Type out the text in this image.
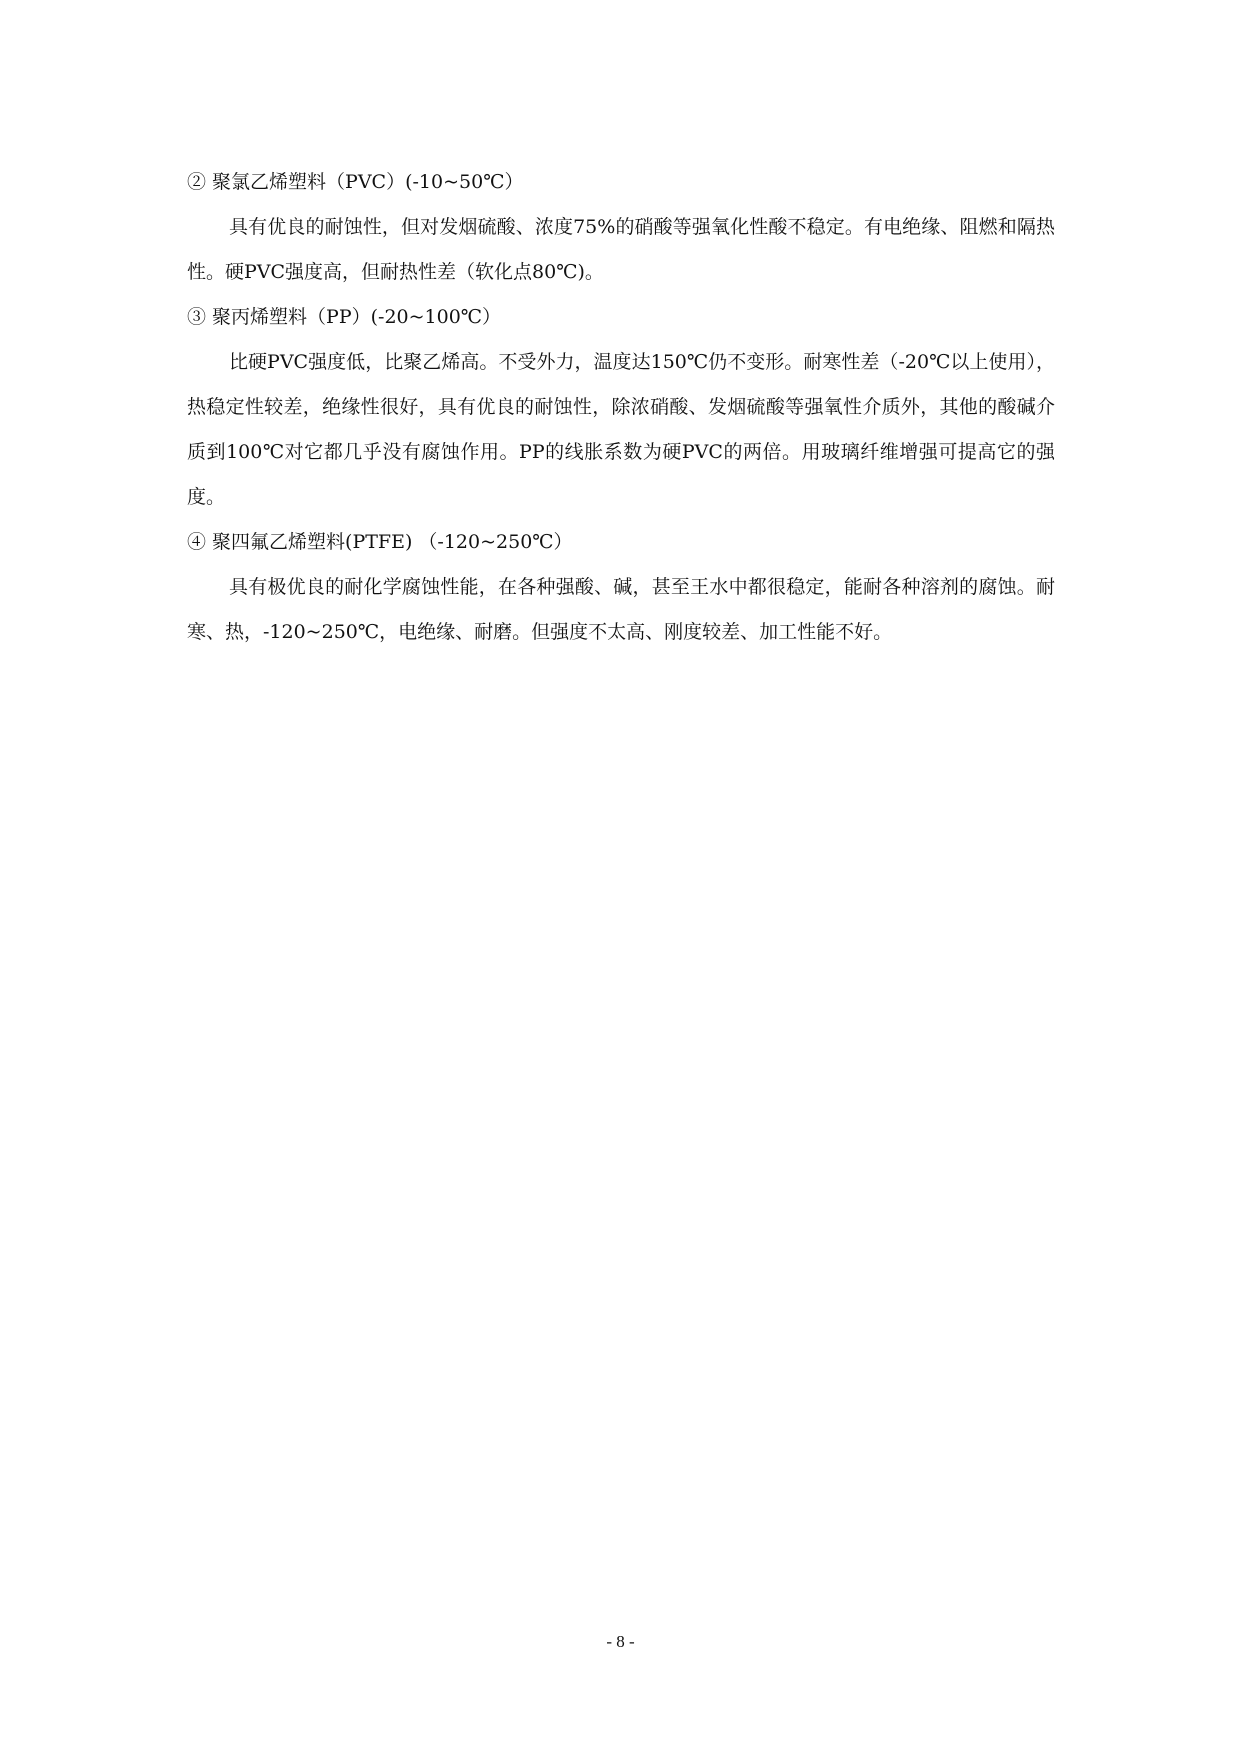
② 聚氯乙烯塑料（PVC）(-10~50℃）

具有优良的耐蚀性，但对发烟硫酸、浓度75%的硝酸等强氧化性酸不稳定。有电绝缘、阻燃和隔热性。硬PVC强度高，但耐热性差（软化点80℃)。

③ 聚丙烯塑料（PP）(-20~100℃）

比硬PVC强度低，比聚乙烯高。不受外力，温度达150℃仍不变形。耐寒性差（-20℃以上使用），热稳定性较差，绝缘性很好，具有优良的耐蚀性，除浓硝酸、发烟硫酸等强氧性介质外，其他的酸碱介质到100℃对它都几乎没有腐蚀作用。PP的线胀系数为硬PVC的两倍。用玻璃纤维增强可提高它的强度。

④ 聚四氟乙烯塑料(PTFE) （-120~250℃）

具有极优良的耐化学腐蚀性能，在各种强酸、碱，甚至王水中都很稳定，能耐各种溶剂的腐蚀。耐寒、热，-120~250℃，电绝缘、耐磨。但强度不太高、刚度较差、加工性能不好。

- 8 -
